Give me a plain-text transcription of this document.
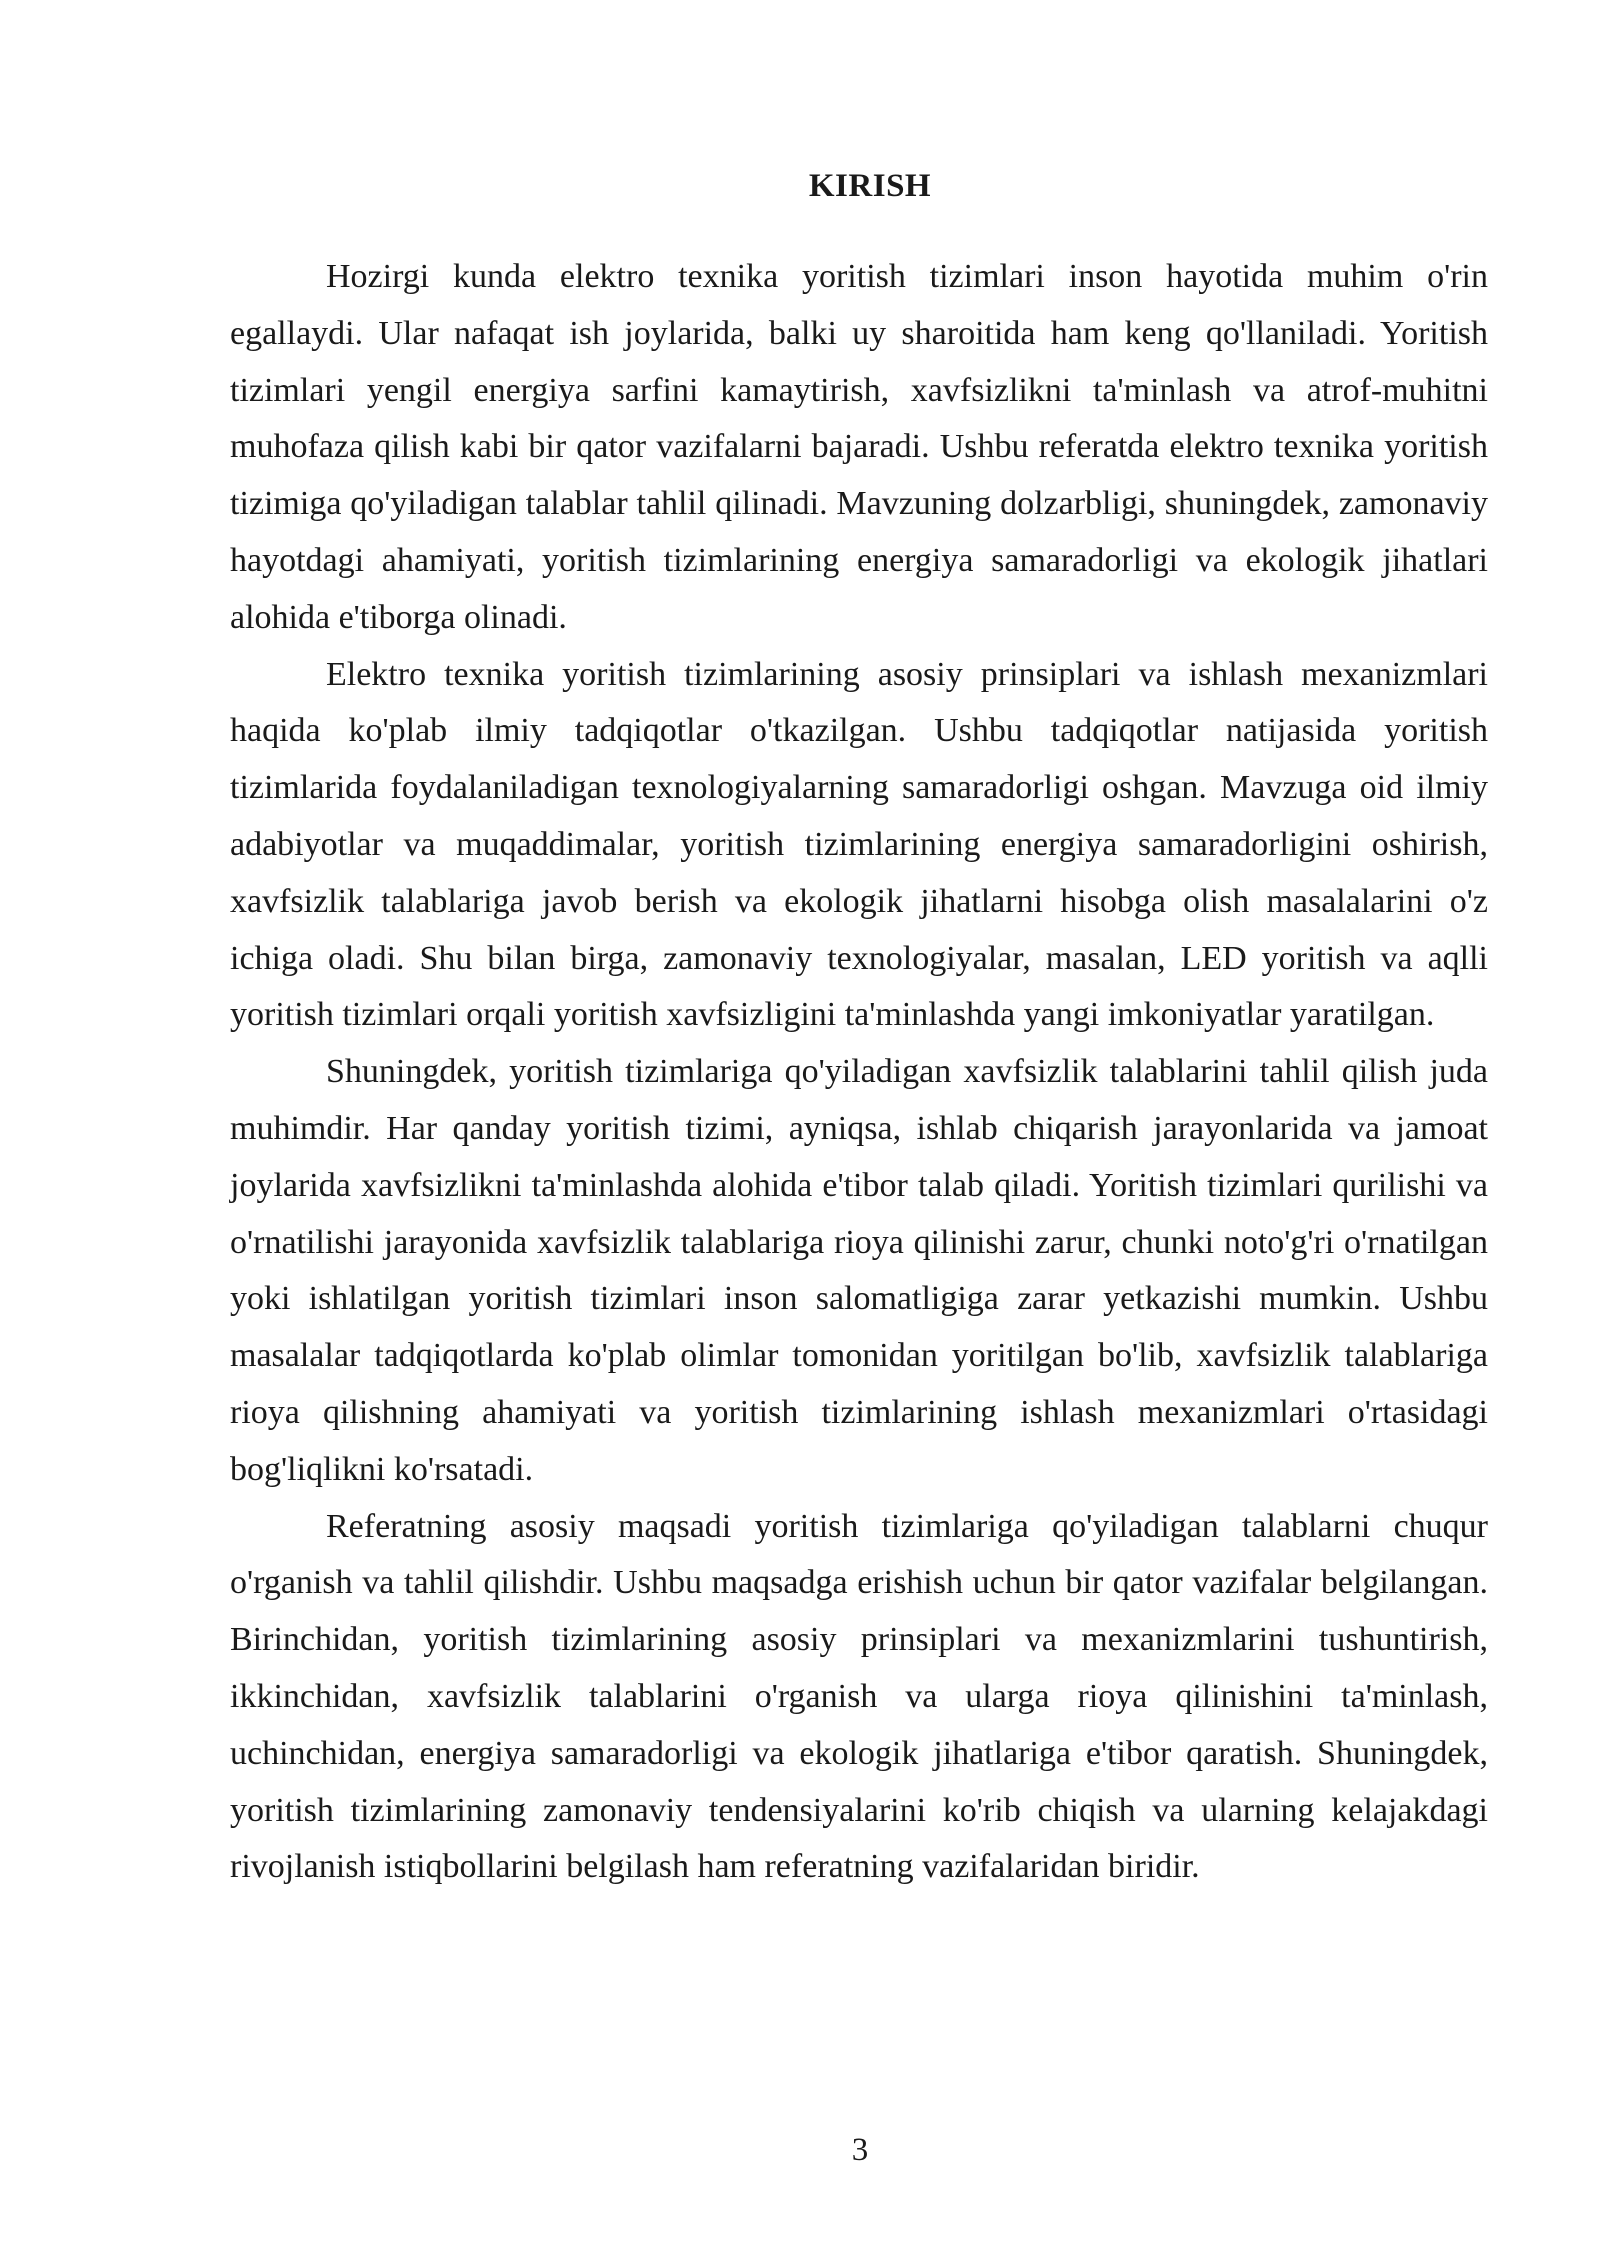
KIRISH

Hozirgi kunda elektro texnika yoritish tizimlari inson hayotida muhim o'rin egallaydi. Ular nafaqat ish joylarida, balki uy sharoitida ham keng qo'llaniladi. Yoritish tizimlari yengil energiya sarfini kamaytirish, xavfsizlikni ta'minlash va atrof-muhitni muhofaza qilish kabi bir qator vazifalarni bajaradi. Ushbu referatda elektro texnika yoritish tizimiga qo'yiladigan talablar tahlil qilinadi. Mavzuning dolzarbligi, shuningdek, zamonaviy hayotdagi ahamiyati, yoritish tizimlarining energiya samaradorligi va ekologik jihatlari alohida e'tiborga olinadi.

Elektro texnika yoritish tizimlarining asosiy prinsiplari va ishlash mexanizmlari haqida ko'plab ilmiy tadqiqotlar o'tkazilgan. Ushbu tadqiqotlar natijasida yoritish tizimlarida foydalaniladigan texnologiyalarning samaradorligi oshgan. Mavzuga oid ilmiy adabiyotlar va muqaddimalar, yoritish tizimlarining energiya samaradorligini oshirish, xavfsizlik talablariga javob berish va ekologik jihatlarni hisobga olish masalalarini o'z ichiga oladi. Shu bilan birga, zamonaviy texnologiyalar, masalan, LED yoritish va aqlli yoritish tizimlari orqali yoritish xavfsizligini ta'minlashda yangi imkoniyatlar yaratilgan.

Shuningdek, yoritish tizimlariga qo'yiladigan xavfsizlik talablarini tahlil qilish juda muhimdir. Har qanday yoritish tizimi, ayniqsa, ishlab chiqarish jarayonlarida va jamoat joylarida xavfsizlikni ta'minlashda alohida e'tibor talab qiladi. Yoritish tizimlari qurilishi va o'rnatilishi jarayonida xavfsizlik talablariga rioya qilinishi zarur, chunki noto'g'ri o'rnatilgan yoki ishlatilgan yoritish tizimlari inson salomatligiga zarar yetkazishi mumkin. Ushbu masalalar tadqiqotlarda ko'plab olimlar tomonidan yoritilgan bo'lib, xavfsizlik talablariga rioya qilishning ahamiyati va yoritish tizimlarining ishlash mexanizmlari o'rtasidagi bog'liqlikni ko'rsatadi.

Referatning asosiy maqsadi yoritish tizimlariga qo'yiladigan talablarni chuqur o'rganish va tahlil qilishdir. Ushbu maqsadga erishish uchun bir qator vazifalar belgilangan. Birinchidan, yoritish tizimlarining asosiy prinsiplari va mexanizmlarini tushuntirish, ikkinchidan, xavfsizlik talablarini o'rganish va ularga rioya qilinishini ta'minlash, uchinchidan, energiya samaradorligi va ekologik jihatlariga e'tibor qaratish. Shuningdek, yoritish tizimlarining zamonaviy tendensiyalarini ko'rib chiqish va ularning kelajakdagi rivojlanish istiqbollarini belgilash ham referatning vazifalaridan biridir.

3
